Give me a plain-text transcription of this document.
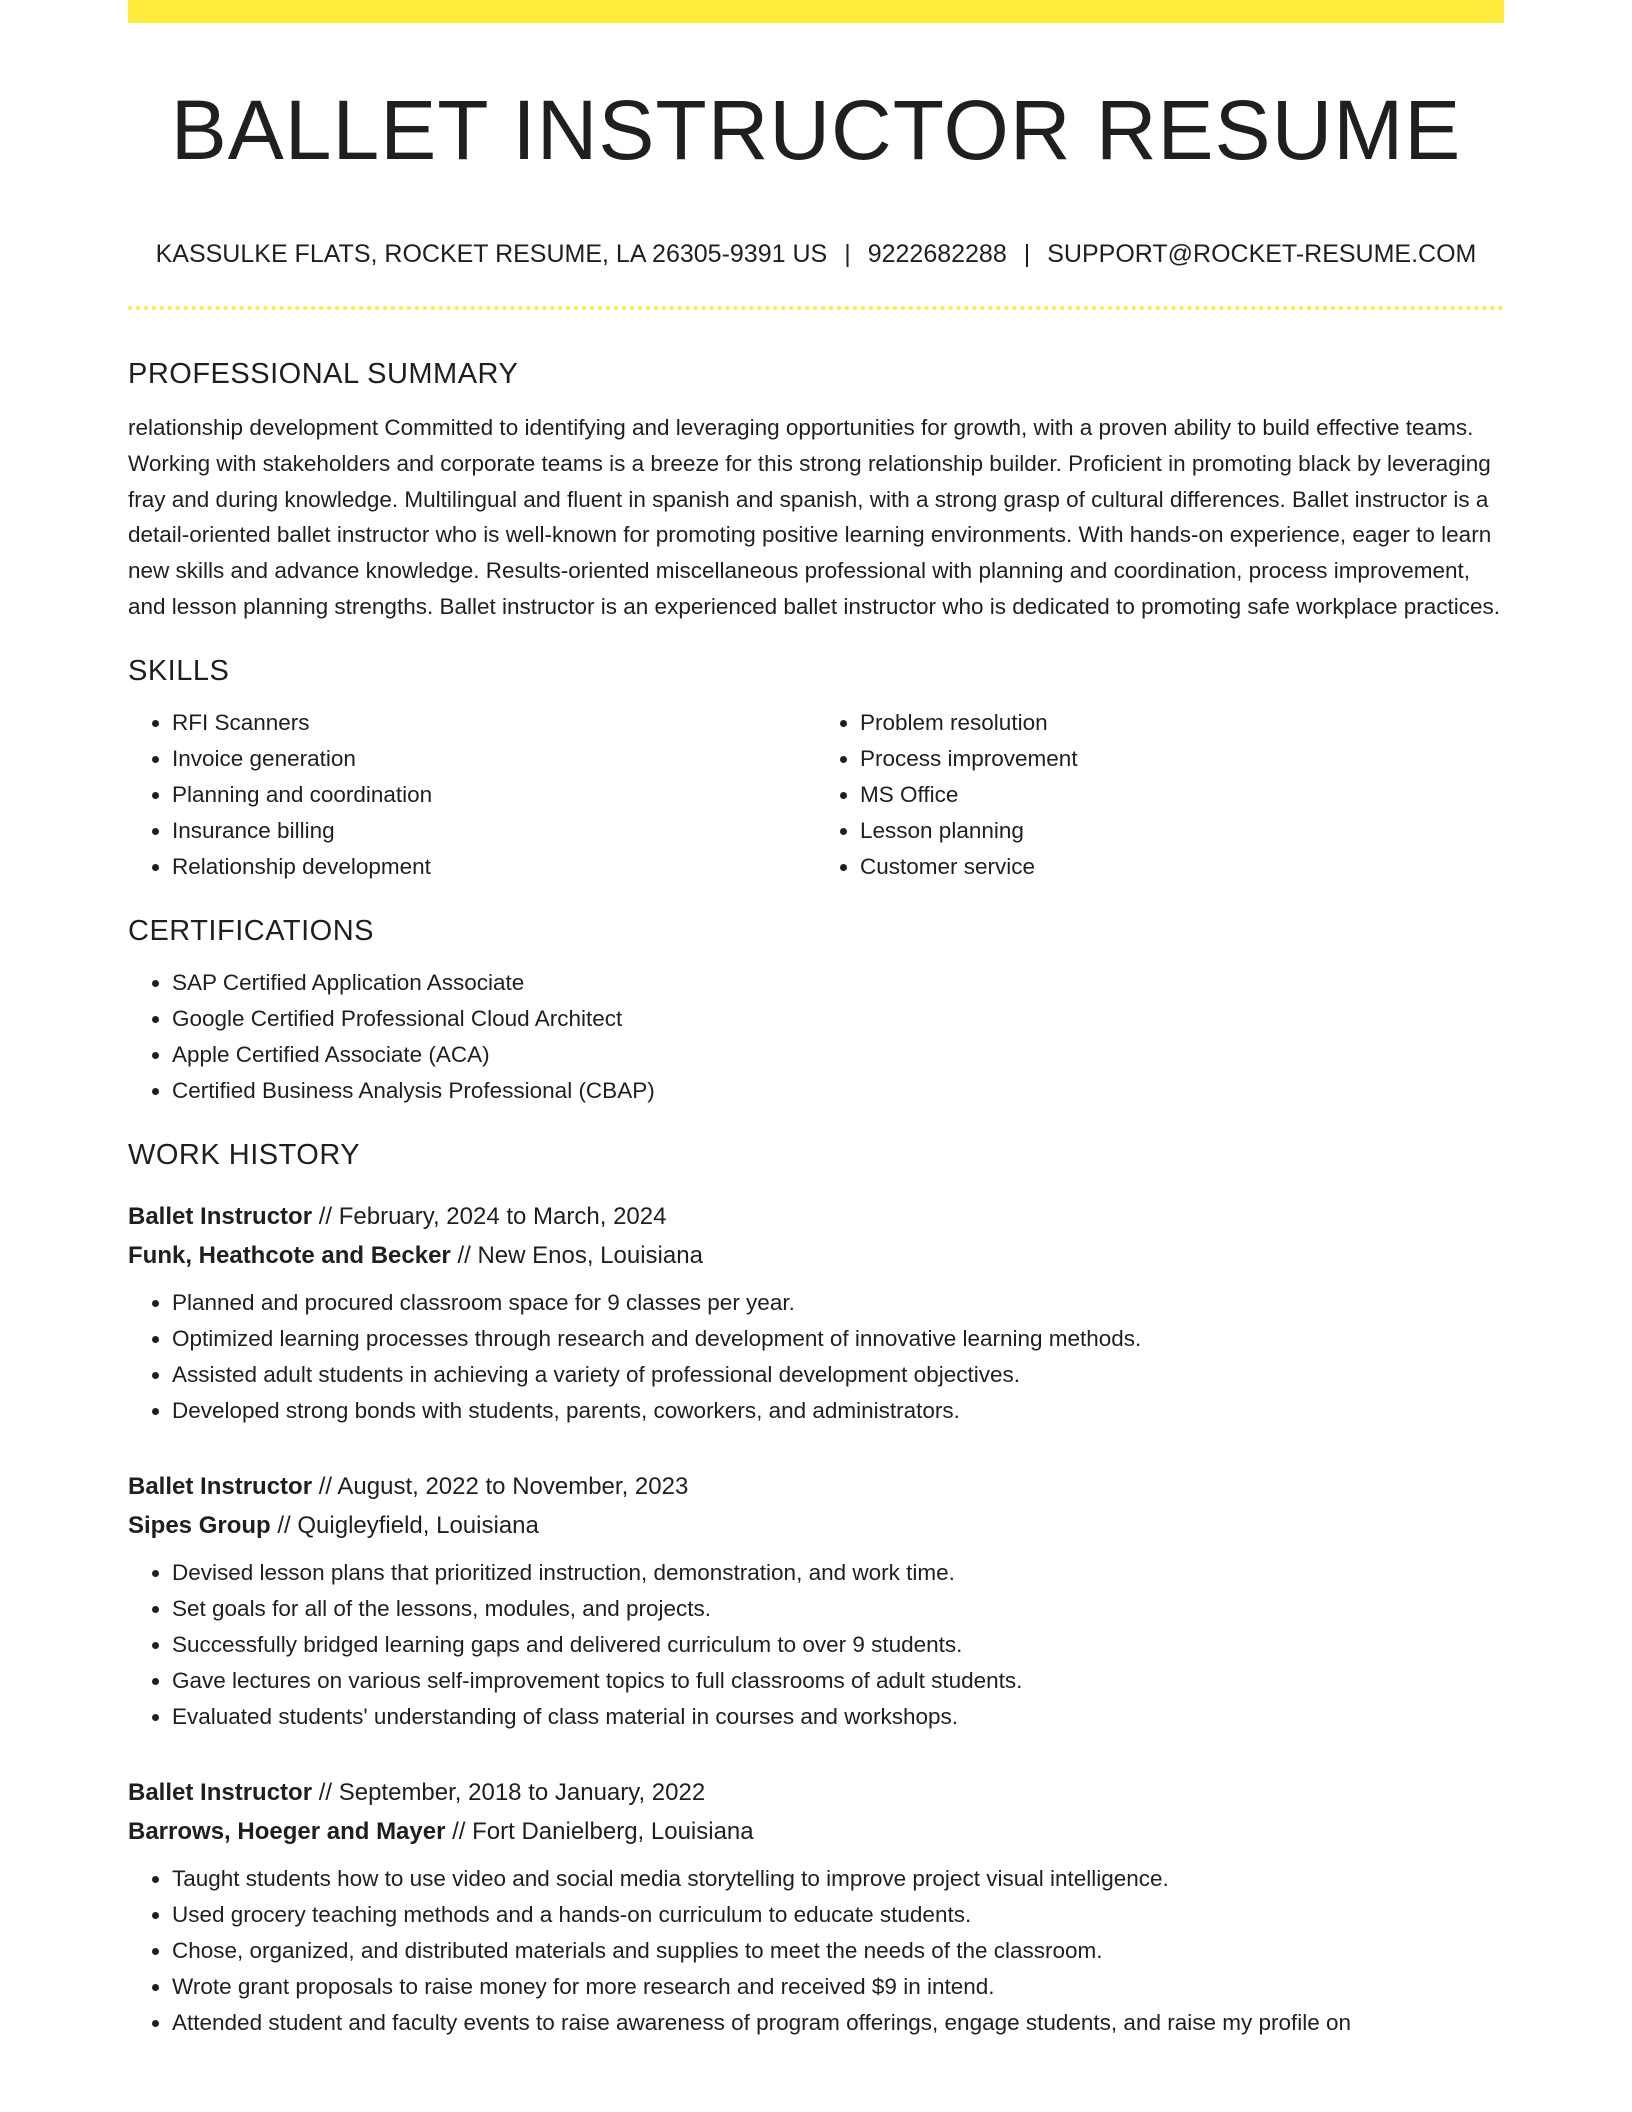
BALLET INSTRUCTOR RESUME
KASSULKE FLATS, ROCKET RESUME, LA 26305-9391 US | 9222682288 | SUPPORT@ROCKET-RESUME.COM
PROFESSIONAL SUMMARY

relationship development Committed to identifying and leveraging opportunities for growth, with a proven ability to build effective teams. Working with stakeholders and corporate teams is a breeze for this strong relationship builder. Proficient in promoting black by leveraging fray and during knowledge. Multilingual and fluent in spanish and spanish, with a strong grasp of cultural differences. Ballet instructor is a detail-oriented ballet instructor who is well-known for promoting positive learning environments. With hands-on experience, eager to learn new skills and advance knowledge. Results-oriented miscellaneous professional with planning and coordination, process improvement, and lesson planning strengths. Ballet instructor is an experienced ballet instructor who is dedicated to promoting safe workplace practices.

SKILLS
• RFI Scanners
• Invoice generation
• Planning and coordination
• Insurance billing
• Relationship development
• Problem resolution
• Process improvement
• MS Office
• Lesson planning
• Customer service
CERTIFICATIONS
• SAP Certified Application Associate
• Google Certified Professional Cloud Architect
• Apple Certified Associate (ACA)
• Certified Business Analysis Professional (CBAP)
WORK HISTORY
Ballet Instructor // February, 2024 to March, 2024
Funk, Heathcote and Becker // New Enos, Louisiana
• Planned and procured classroom space for 9 classes per year.
• Optimized learning processes through research and development of innovative learning methods.
• Assisted adult students in achieving a variety of professional development objectives.
• Developed strong bonds with students, parents, coworkers, and administrators.
Ballet Instructor // August, 2022 to November, 2023
Sipes Group // Quigleyfield, Louisiana
• Devised lesson plans that prioritized instruction, demonstration, and work time.
• Set goals for all of the lessons, modules, and projects.
• Successfully bridged learning gaps and delivered curriculum to over 9 students.
• Gave lectures on various self-improvement topics to full classrooms of adult students.
• Evaluated students' understanding of class material in courses and workshops.
Ballet Instructor // September, 2018 to January, 2022
Barrows, Hoeger and Mayer // Fort Danielberg, Louisiana
• Taught students how to use video and social media storytelling to improve project visual intelligence.
• Used grocery teaching methods and a hands-on curriculum to educate students.
• Chose, organized, and distributed materials and supplies to meet the needs of the classroom.
• Wrote grant proposals to raise money for more research and received $9 in intend.
• Attended student and faculty events to raise awareness of program offerings, engage students, and raise my profile on
